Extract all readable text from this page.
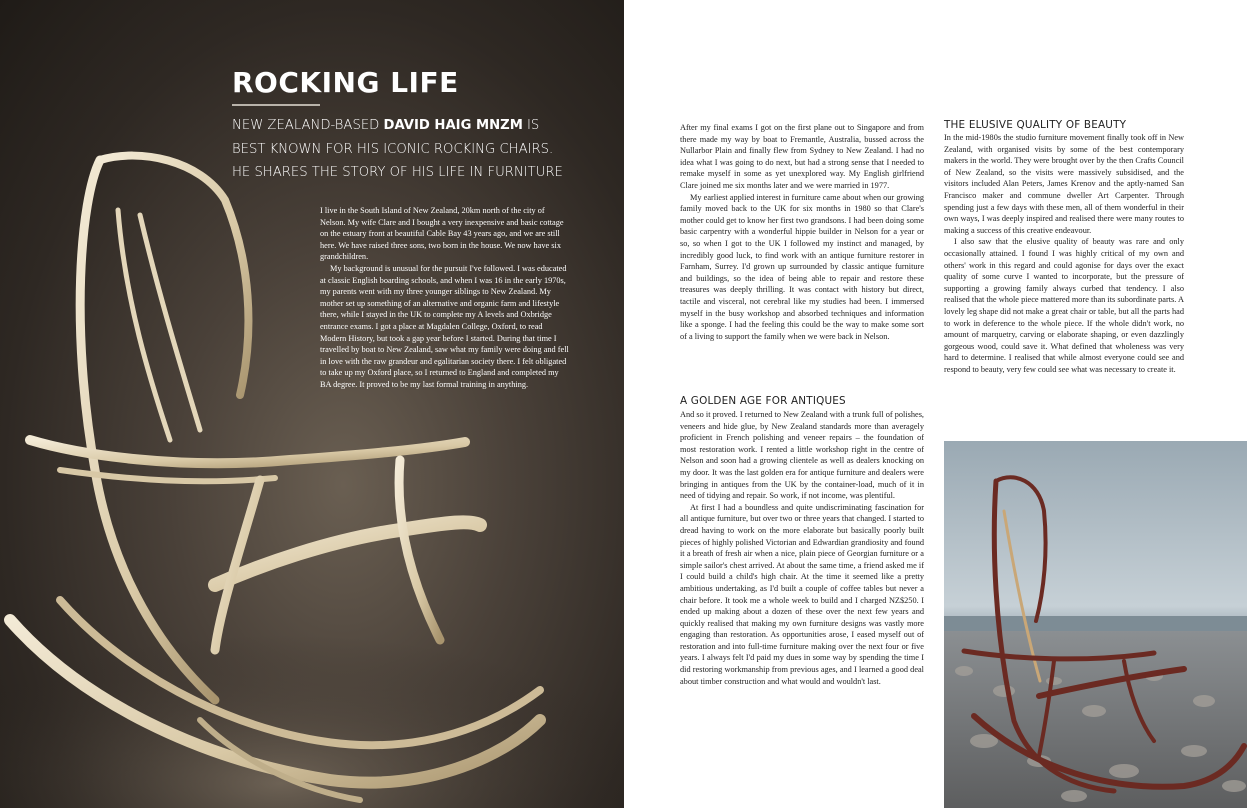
ROCKING LIFE

NEW ZEALAND-BASED DAVID HAIG MNZM IS BEST KNOWN FOR HIS ICONIC ROCKING CHAIRS. HE SHARES THE STORY OF HIS LIFE IN FURNITURE

I live in the South Island of New Zealand, 20km north of the city of Nelson. My wife Clare and I bought a very inexpensive and basic cottage on the estuary front at beautiful Cable Bay 43 years ago, and we are still here. We have raised three sons, two born in the house. We now have six grandchildren.

My background is unusual for the pursuit I've followed. I was educated at classic English boarding schools, and when I was 16 in the early 1970s, my parents went with my three younger siblings to New Zealand. My mother set up something of an alternative and organic farm and lifestyle there, while I stayed in the UK to complete my A levels and Oxbridge entrance exams. I got a place at Magdalen College, Oxford, to read Modern History, but took a gap year before I started. During that time I travelled by boat to New Zealand, saw what my family were doing and fell in love with the raw grandeur and egalitarian society there. I felt obligated to take up my Oxford place, so I returned to England and completed my BA degree. It proved to be my last formal training in anything.

After my final exams I got on the first plane out to Singapore and from there made my way by boat to Fremantle, Australia, bussed across the Nullarbor Plain and finally flew from Sydney to New Zealand. I had no idea what I was going to do next, but had a strong sense that I needed to remake myself in some as yet unexplored way. My English girlfriend Clare joined me six months later and we were married in 1977.

My earliest applied interest in furniture came about when our growing family moved back to the UK for six months in 1980 so that Clare's mother could get to know her first two grandsons. I had been doing some basic carpentry with a wonderful hippie builder in Nelson for a year or so, so when I got to the UK I followed my instinct and managed, by incredibly good luck, to find work with an antique furniture restorer in Farnham, Surrey. I'd grown up surrounded by classic antique furniture and buildings, so the idea of being able to repair and restore these treasures was deeply thrilling. It was contact with history but direct, tactile and visceral, not cerebral like my studies had been. I immersed myself in the busy workshop and absorbed techniques and information like a sponge. I had the feeling this could be the way to make some sort of a living to support the family when we were back in Nelson.

A GOLDEN AGE FOR ANTIQUES

And so it proved. I returned to New Zealand with a trunk full of polishes, veneers and hide glue, by New Zealand standards more than averagely proficient in French polishing and veneer repairs – the foundation of most restoration work. I rented a little workshop right in the centre of Nelson and soon had a growing clientele as well as dealers knocking on my door. It was the last golden era for antique furniture and dealers were bringing in antiques from the UK by the container-load, much of it in need of tidying and repair. So work, if not income, was plentiful.

At first I had a boundless and quite undiscriminating fascination for all antique furniture, but over two or three years that changed. I started to dread having to work on the more elaborate but basically poorly built pieces of highly polished Victorian and Edwardian grandiosity and found it a breath of fresh air when a nice, plain piece of Georgian furniture or a simple sailor's chest arrived. At about the same time, a friend asked me if I could build a child's high chair. At the time it seemed like a pretty ambitious undertaking, as I'd built a couple of coffee tables but never a chair before. It took me a whole week to build and I charged NZ$250. I ended up making about a dozen of these over the next few years and quickly realised that making my own furniture designs was vastly more engaging than restoration. As opportunities arose, I eased myself out of restoration and into full-time furniture making over the next four or five years. I always felt I'd paid my dues in some way by spending the time I did restoring workmanship from previous ages, and I learned a good deal about timber construction and what would and wouldn't last.

THE ELUSIVE QUALITY OF BEAUTY

In the mid-1980s the studio furniture movement finally took off in New Zealand, with organised visits by some of the best contemporary makers in the world. They were brought over by the then Crafts Council of New Zealand, so the visits were massively subsidised, and the visitors included Alan Peters, James Krenov and the aptly-named San Francisco maker and commune dweller Art Carpenter. Through spending just a few days with these men, all of them wonderful in their own ways, I was deeply inspired and realised there were many routes to making a success of this creative endeavour.

I also saw that the elusive quality of beauty was rare and only occasionally attained. I found I was highly critical of my own and others' work in this regard and could agonise for days over the exact quality of some curve I wanted to incorporate, but the pressure of supporting a growing family always curbed that tendency. I also realised that the whole piece mattered more than its subordinate parts. A lovely leg shape did not make a great chair or table, but all the parts had to work in deference to the whole piece. If the whole didn't work, no amount of marquetry, carving or elaborate shaping, or even dazzlingly gorgeous wood, could save it. What defined that wholeness was very hard to determine. I realised that while almost everyone could see and respond to beauty, very few could see what was necessary to create it.
